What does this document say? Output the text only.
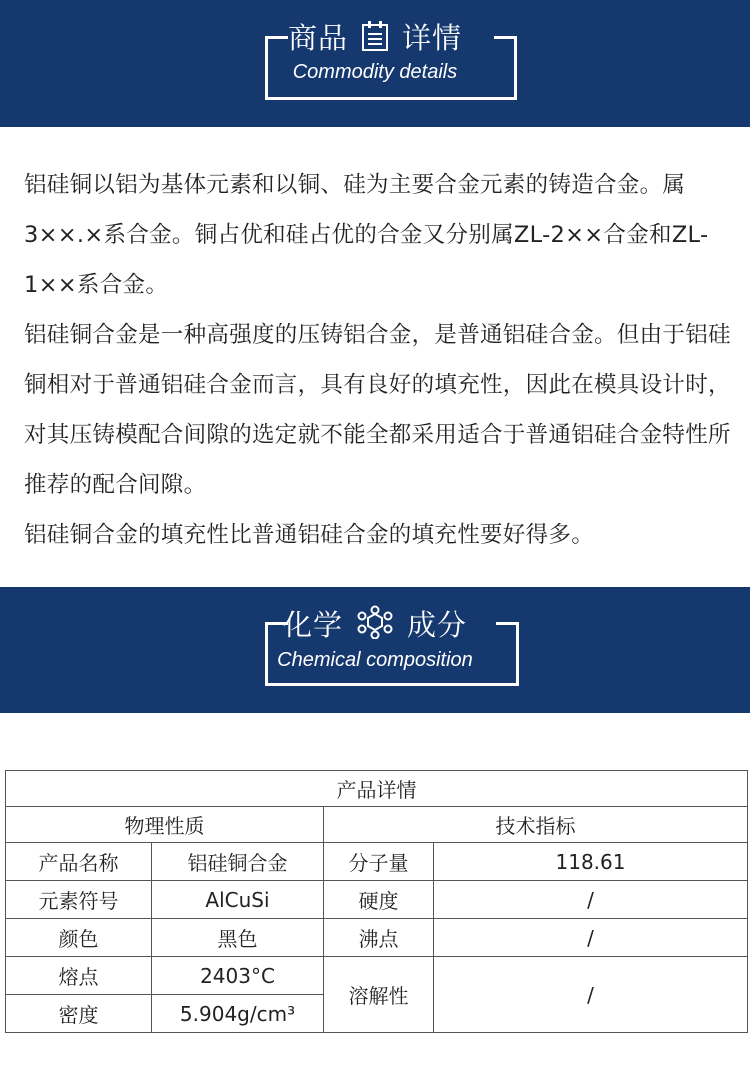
商品 详情
Commodity details

铝硅铜以铝为基体元素和以铜、硅为主要合金元素的铸造合金。属3××.×系合金。铜占优和硅占优的合金又分别属ZL-2××合金和ZL-1××系合金。

铝硅铜合金是一种高强度的压铸铝合金，是普通铝硅合金。但由于铝硅铜相对于普通铝硅合金而言，具有良好的填充性，因此在模具设计时，对其压铸模配合间隙的选定就不能全都采用适合于普通铝硅合金特性所推荐的配合间隙。

铝硅铜合金的填充性比普通铝硅合金的填充性要好得多。

化学 成分
Chemical composition
产品详情			
物理性质		技术指标	
产品名称	铝硅铜合金	分子量	118.61
元素符号	AlCuSi	硬度	/
颜色	黑色	沸点	/
熔点	2403°C	溶解性	/
密度	5.904g/cm³		
